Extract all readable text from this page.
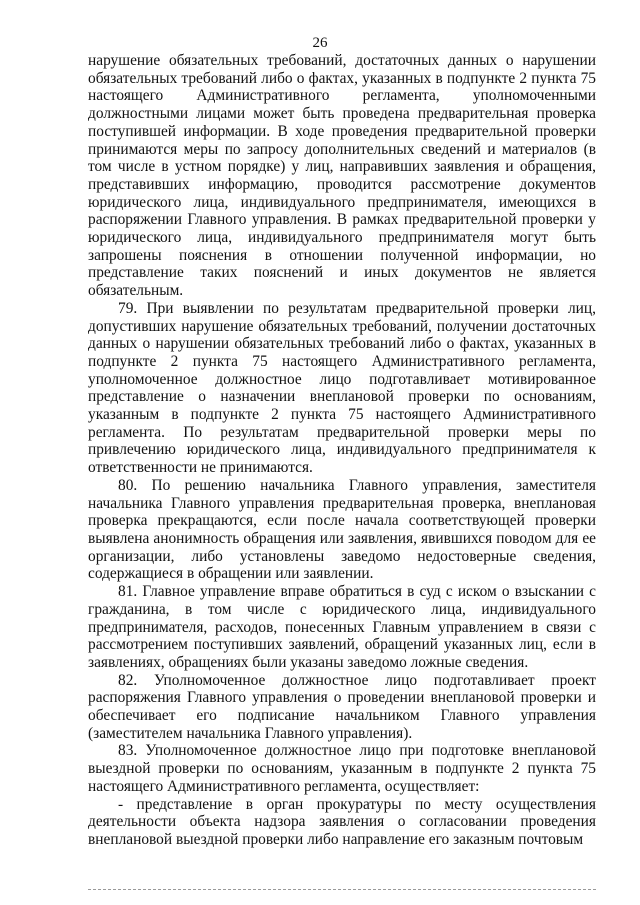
26

нарушение обязательных требований, достаточных данных о нарушении обязательных требований либо о фактах, указанных в подпункте 2 пункта 75 настоящего Административного регламента, уполномоченными должностными лицами может быть проведена предварительная проверка поступившей информации. В ходе проведения предварительной проверки принимаются меры по запросу дополнительных сведений и материалов (в том числе в устном порядке) у лиц, направивших заявления и обращения, представивших информацию, проводится рассмотрение документов юридического лица, индивидуального предпринимателя, имеющихся в распоряжении Главного управления. В рамках предварительной проверки у юридического лица, индивидуального предпринимателя могут быть запрошены пояснения в отношении полученной информации, но представление таких пояснений и иных документов не является обязательным.

79. При выявлении по результатам предварительной проверки лиц, допустивших нарушение обязательных требований, получении достаточных данных о нарушении обязательных требований либо о фактах, указанных в подпункте 2 пункта 75 настоящего Административного регламента, уполномоченное должностное лицо подготавливает мотивированное представление о назначении внеплановой проверки по основаниям, указанным в подпункте 2 пункта 75 настоящего Административного регламента. По результатам предварительной проверки меры по привлечению юридического лица, индивидуального предпринимателя к ответственности не принимаются.

80. По решению начальника Главного управления, заместителя начальника Главного управления предварительная проверка, внеплановая проверка прекращаются, если после начала соответствующей проверки выявлена анонимность обращения или заявления, явившихся поводом для ее организации, либо установлены заведомо недостоверные сведения, содержащиеся в обращении или заявлении.

81. Главное управление вправе обратиться в суд с иском о взыскании с гражданина, в том числе с юридического лица, индивидуального предпринимателя, расходов, понесенных Главным управлением в связи с рассмотрением поступивших заявлений, обращений указанных лиц, если в заявлениях, обращениях были указаны заведомо ложные сведения.

82. Уполномоченное должностное лицо подготавливает проект распоряжения Главного управления о проведении внеплановой проверки и обеспечивает его подписание начальником Главного управления (заместителем начальника Главного управления).

83. Уполномоченное должностное лицо при подготовке внеплановой выездной проверки по основаниям, указанным в подпункте 2 пункта 75 настоящего Административного регламента, осуществляет:

- представление в орган прокуратуры по месту осуществления деятельности объекта надзора заявления о согласовании проведения внеплановой выездной проверки либо направление его заказным почтовым
